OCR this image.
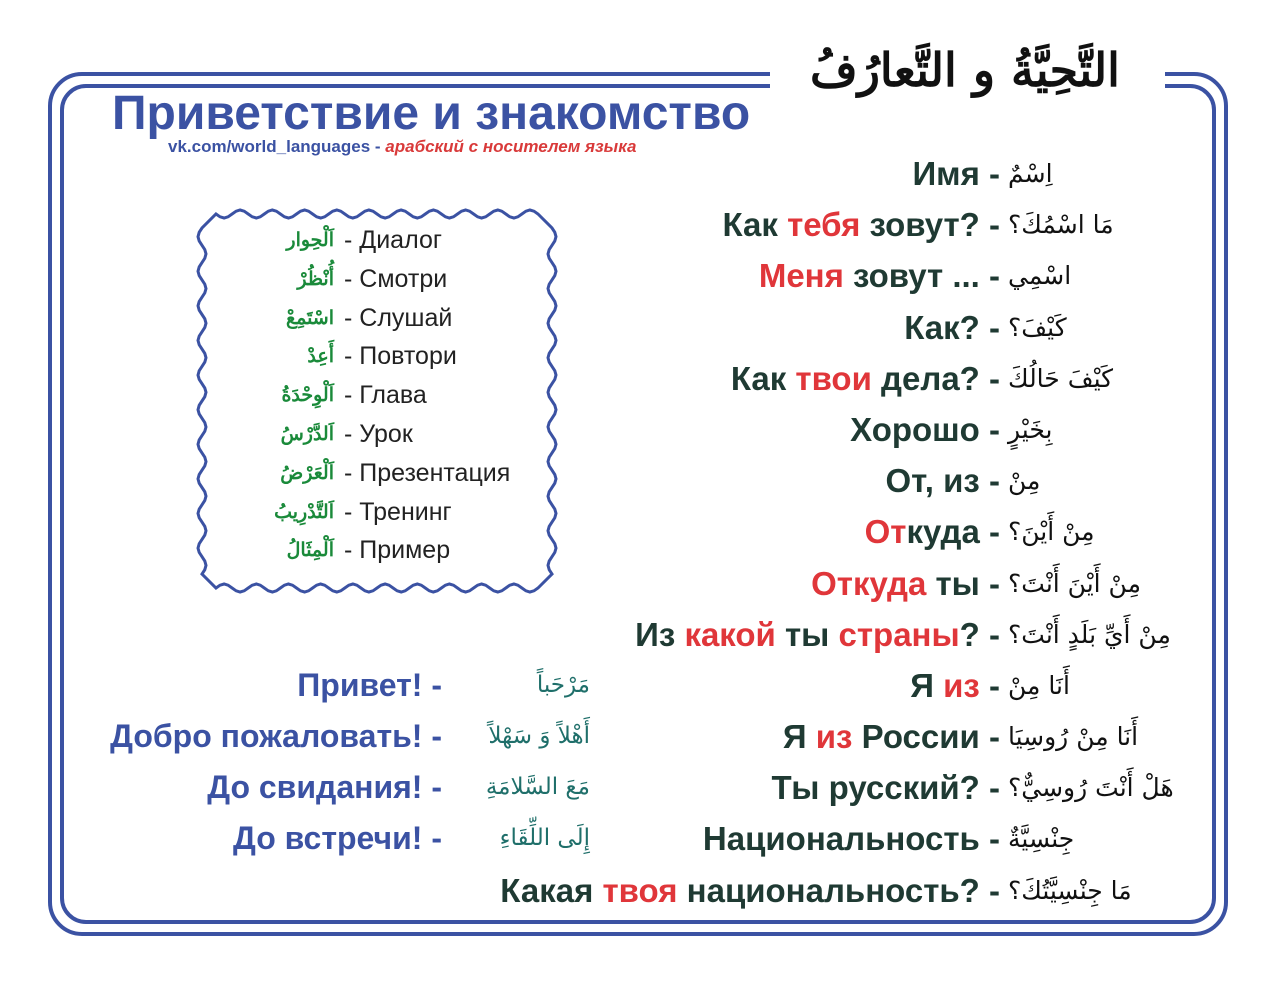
التَّحِيَّةُ و التَّعارُفُ
Приветствие и знакомство
vk.com/world_languages - арабский с носителем языка
اَلْحِوار - Диалог
أُنْظُرْ - Смотри
اسْتَمِعْ - Слушай
أَعِدْ - Повтори
اَلْوِحْدَةُ - Глава
اَلدَّرْسُ - Урок
اَلْعَرْضُ - Презентация
اَلتَّدْرِيبُ - Тренинг
اَلْمِثَالُ - Пример
Имя - اِسْمٌ
Как тебя зовут? - مَا اسْمُكَ؟
Меня зовут ... - اسْمِي
Как? - كَيْفَ؟
Как твои дела? - كَيْفَ حَالُكَ
Хорошо - بِخَيْرٍ
От, из - مِنْ
Откуда - مِنْ أَيْنَ؟
Откуда ты - مِنْ أَيْنَ أَنْتَ؟
Из какой ты страны? - مِنْ أَيِّ بَلَدٍ أَنْتَ؟
Я из - أَنَا مِنْ
Я из России - أَنَا مِنْ رُوسِيَا
Ты русский? - هَلْ أَنْتَ رُوسِيٌّ؟
Национальность - جِنْسِيَّةٌ
Какая твоя национальность? - مَا جِنْسِيَّتُكَ؟
Привет! -	مَرْحَباً
Добро пожаловать! -	أَهْلاً وَ سَهْلاً
До свидания! -	مَعَ السَّلامَةِ
До встречи! -	إِلَى اللِّقَاءِ
